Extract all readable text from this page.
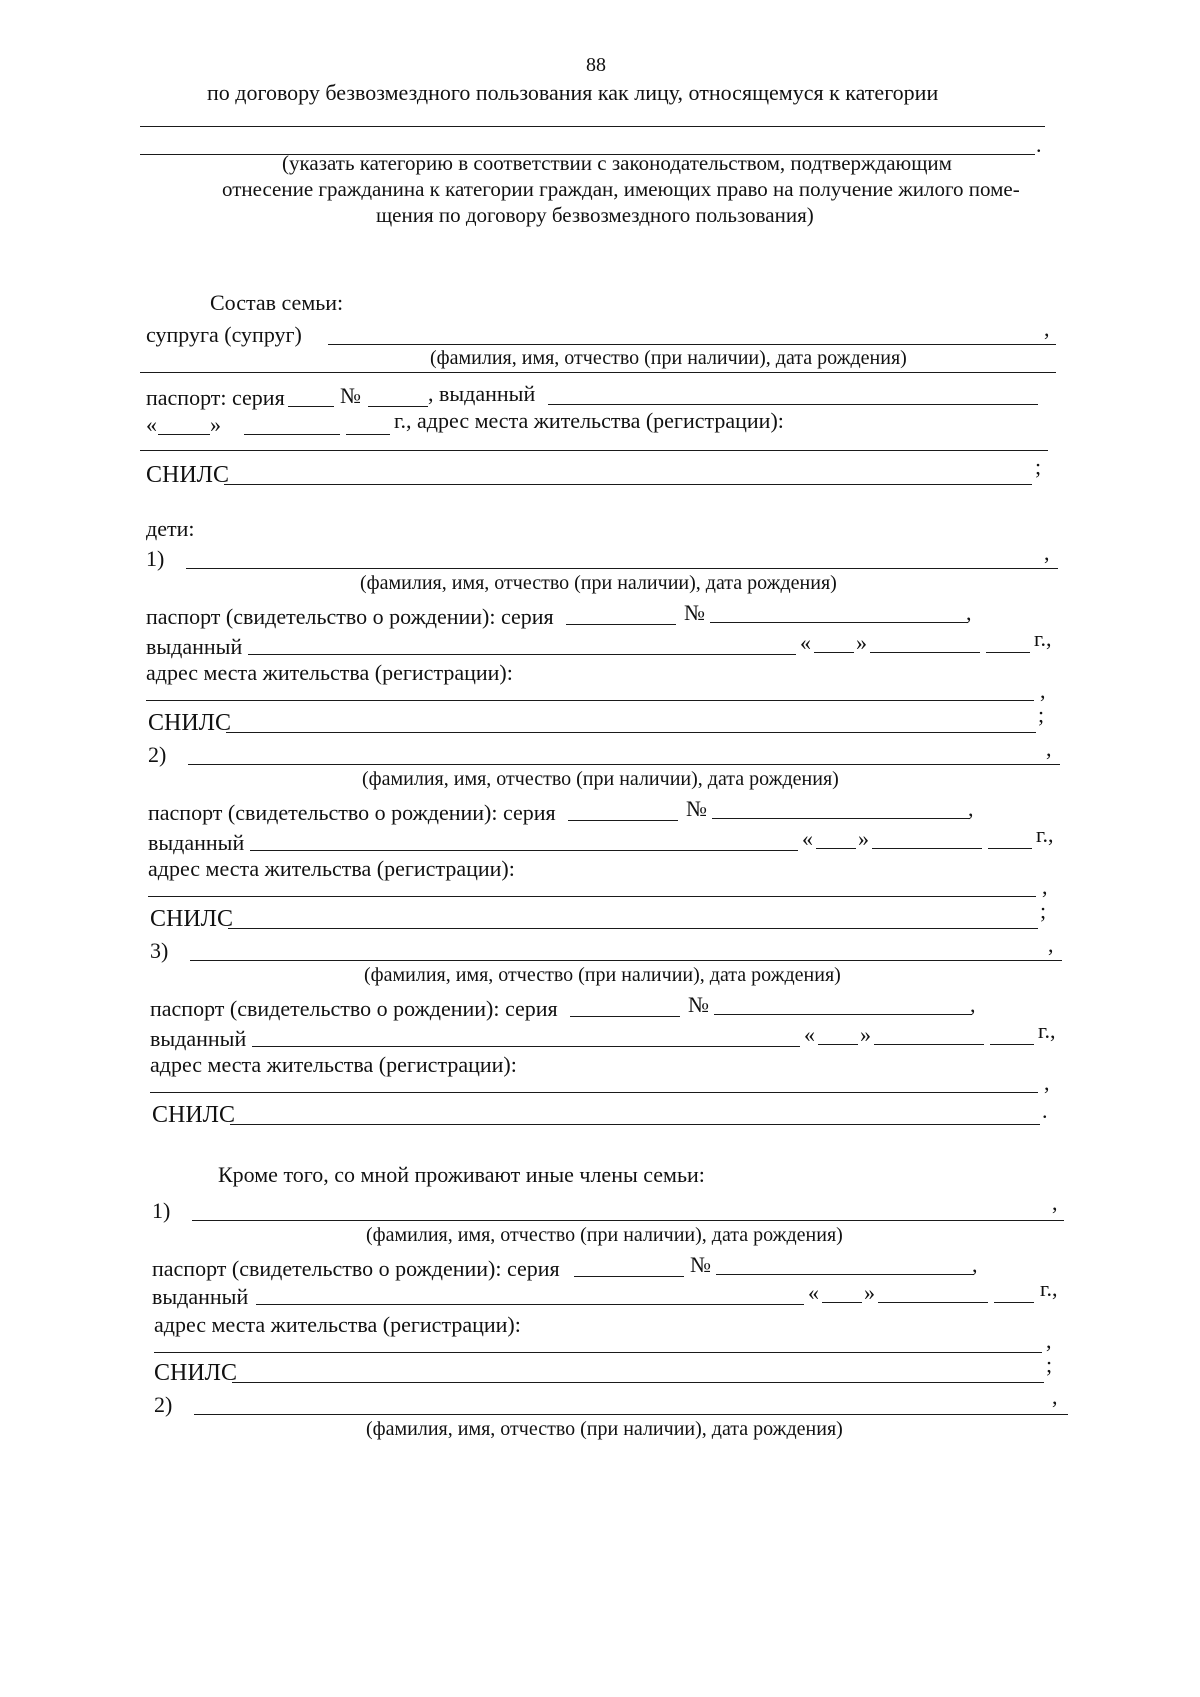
88
по договору безвозмездного пользования как лицу, относящемуся к категории
.
(указать категорию в соответствии с законодательством, подтверждающим
отнесение гражданина к категории граждан, имеющих право на получение жилого поме-
щения по договору безвозмездного пользования)
Состав семьи:
супруга (супруг)	,
(фамилия, имя, отчество (при наличии), дата рождения)
паспорт: серия	№	, выданный
« »	г., адрес места жительства (регистрации):
СНИЛС	;
дети:
1)	,
(фамилия, имя, отчество (при наличии), дата рождения)
паспорт (свидетельство о рождении): серия	№	,
выданный	« »	г.,
адрес места жительства (регистрации):
,
СНИЛС	;
2)	,
(фамилия, имя, отчество (при наличии), дата рождения)
паспорт (свидетельство о рождении): серия	№	,
выданный	« »	г.,
адрес места жительства (регистрации):
,
СНИЛС	;
3)	,
(фамилия, имя, отчество (при наличии), дата рождения)
паспорт (свидетельство о рождении): серия	№	,
выданный	« »	г.,
адрес места жительства (регистрации):
,
СНИЛС	.
Кроме того, со мной проживают иные члены семьи:
1)	,
(фамилия, имя, отчество (при наличии), дата рождения)
паспорт (свидетельство о рождении): серия	№	,
выданный	« »	г.,
адрес места жительства (регистрации):
,
СНИЛС	;
2)	,
(фамилия, имя, отчество (при наличии), дата рождения)
